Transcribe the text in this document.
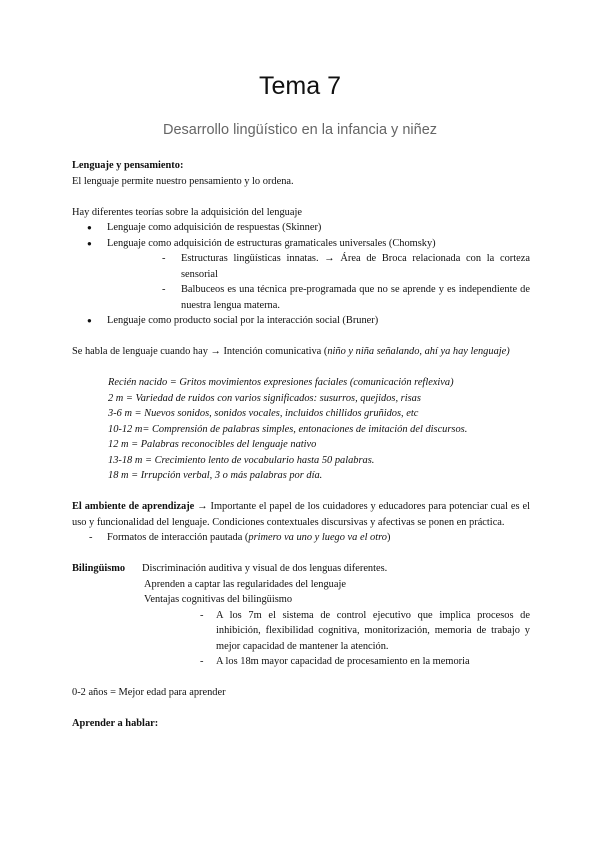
Tema 7
Desarrollo lingüístico en la infancia y niñez

Lenguaje y pensamiento:

El lenguaje permite nuestro pensamiento y lo ordena.

Hay diferentes teorías sobre la adquisición del lenguaje

● Lenguaje como adquisición de respuestas (Skinner)
● Lenguaje como adquisición de estructuras gramaticales universales (Chomsky)
- Estructuras lingüísticas innatas. → Área de Broca relacionada con la corteza sensorial
- Balbuceos es una técnica pre-programada que no se aprende y es independiente de nuestra lengua materna.
● Lenguaje como producto social por la interacción social (Bruner)

Se habla de lenguaje cuando hay → Intención comunicativa (niño y niña señalando, ahí ya hay lenguaje)

Recién nacido = Gritos movimientos expresiones faciales (comunicación reflexiva)
2 m = Variedad de ruidos con varios significados: susurros, quejidos, risas
3-6 m = Nuevos sonidos, sonidos vocales, incluidos chillidos gruñidos, etc
10-12 m= Comprensión de palabras simples, entonaciones de imitación del discursos.
12 m = Palabras reconocibles del lenguaje nativo
13-18 m = Crecimiento lento de vocabulario hasta 50 palabras.
18 m = Irrupción verbal, 3 o más palabras por día.

El ambiente de aprendizaje → Importante el papel de los cuidadores y educadores para potenciar cual es el uso y funcionalidad del lenguaje. Condiciones contextuales discursivas y afectivas se ponen en práctica.

- Formatos de interacción pautada (primero va uno y luego va el otro)
Bilingüismo	Discriminación auditiva y visual de dos lenguas diferentes.
Aprenden a captar las regularidades del lenguaje
Ventajas cognitivas del bilingüismo
- A los 7m el sistema de control ejecutivo que implica procesos de inhibición, flexibilidad cognitiva, monitorización, memoria de trabajo y mejor capacidad de mantener la atención.
- A los 18m mayor capacidad de procesamiento en la memoria

0-2 años = Mejor edad para aprender

Aprender a hablar:
